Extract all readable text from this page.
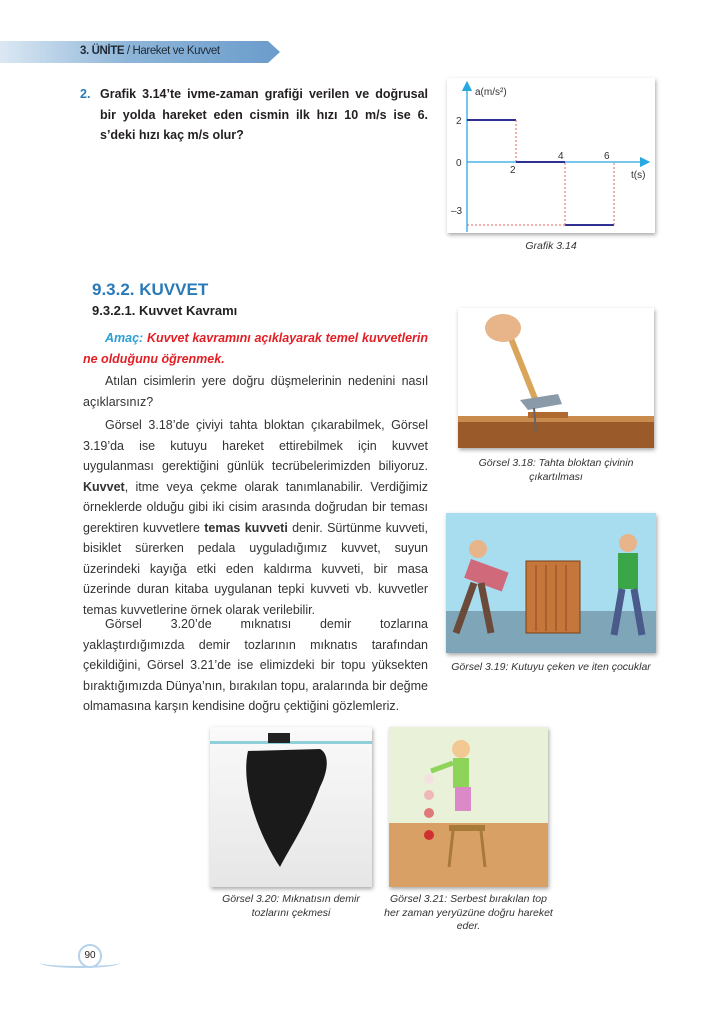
3. ÜNİTE / Hareket ve Kuvvet
2. Grafik 3.14’te ivme-zaman grafiği verilen ve doğrusal bir yolda hareket eden cismin ilk hızı 10 m/s ise 6. s’deki hızı kaç m/s olur?
a(m/s²)
t(s)
2
0
–3
2
4	6
Grafik 3.14
9.3.2. KUVVET
9.3.2.1. Kuvvet Kavramı
Amaç: Kuvvet kavramını açıklayarak temel kuvvetlerin ne olduğunu öğrenmek.
Atılan cisimlerin yere doğru düşmelerinin nedenini nasıl açıklarsınız?
Görsel 3.18’de çiviyi tahta bloktan çıkarabilmek, Görsel 3.19’da ise kutuyu hareket ettirebilmek için kuvvet uygulanması gerektiğini günlük tecrübelerimizden biliyoruz. Kuvvet, itme veya çekme olarak tanımlanabilir. Verdiğimiz örneklerde olduğu gibi iki cisim arasında doğrudan bir teması gerektiren kuvvetlere temas kuvveti denir. Sürtünme kuvveti, bisiklet sürerken pedala uyguladığımız kuvvet, suyun üzerindeki kayığa etki eden kaldırma kuvveti, bir masa üzerinde duran kitaba uygulanan tepki kuvveti vb. kuvvetler temas kuvvetlerine örnek olarak verilebilir.
Görsel 3.20’de mıknatısı demir tozlarına yaklaştırdığımızda demir tozlarının mıknatıs tarafından çekildiğini, Görsel 3.21’de ise elimizdeki bir topu yüksekten bıraktığımızda Dünya’nın, bırakılan topu, aralarında bir değme olmamasına karşın kendisine doğru çektiğini gözlemleriz.
Görsel 3.18: Tahta bloktan çivinin çıkartılması
Görsel 3.19: Kutuyu çeken ve iten çocuklar
Görsel 3.20: Mıknatısın demir tozlarını çekmesi
Görsel 3.21: Serbest bırakılan top her zaman yeryüzüne doğru hareket eder.
90
